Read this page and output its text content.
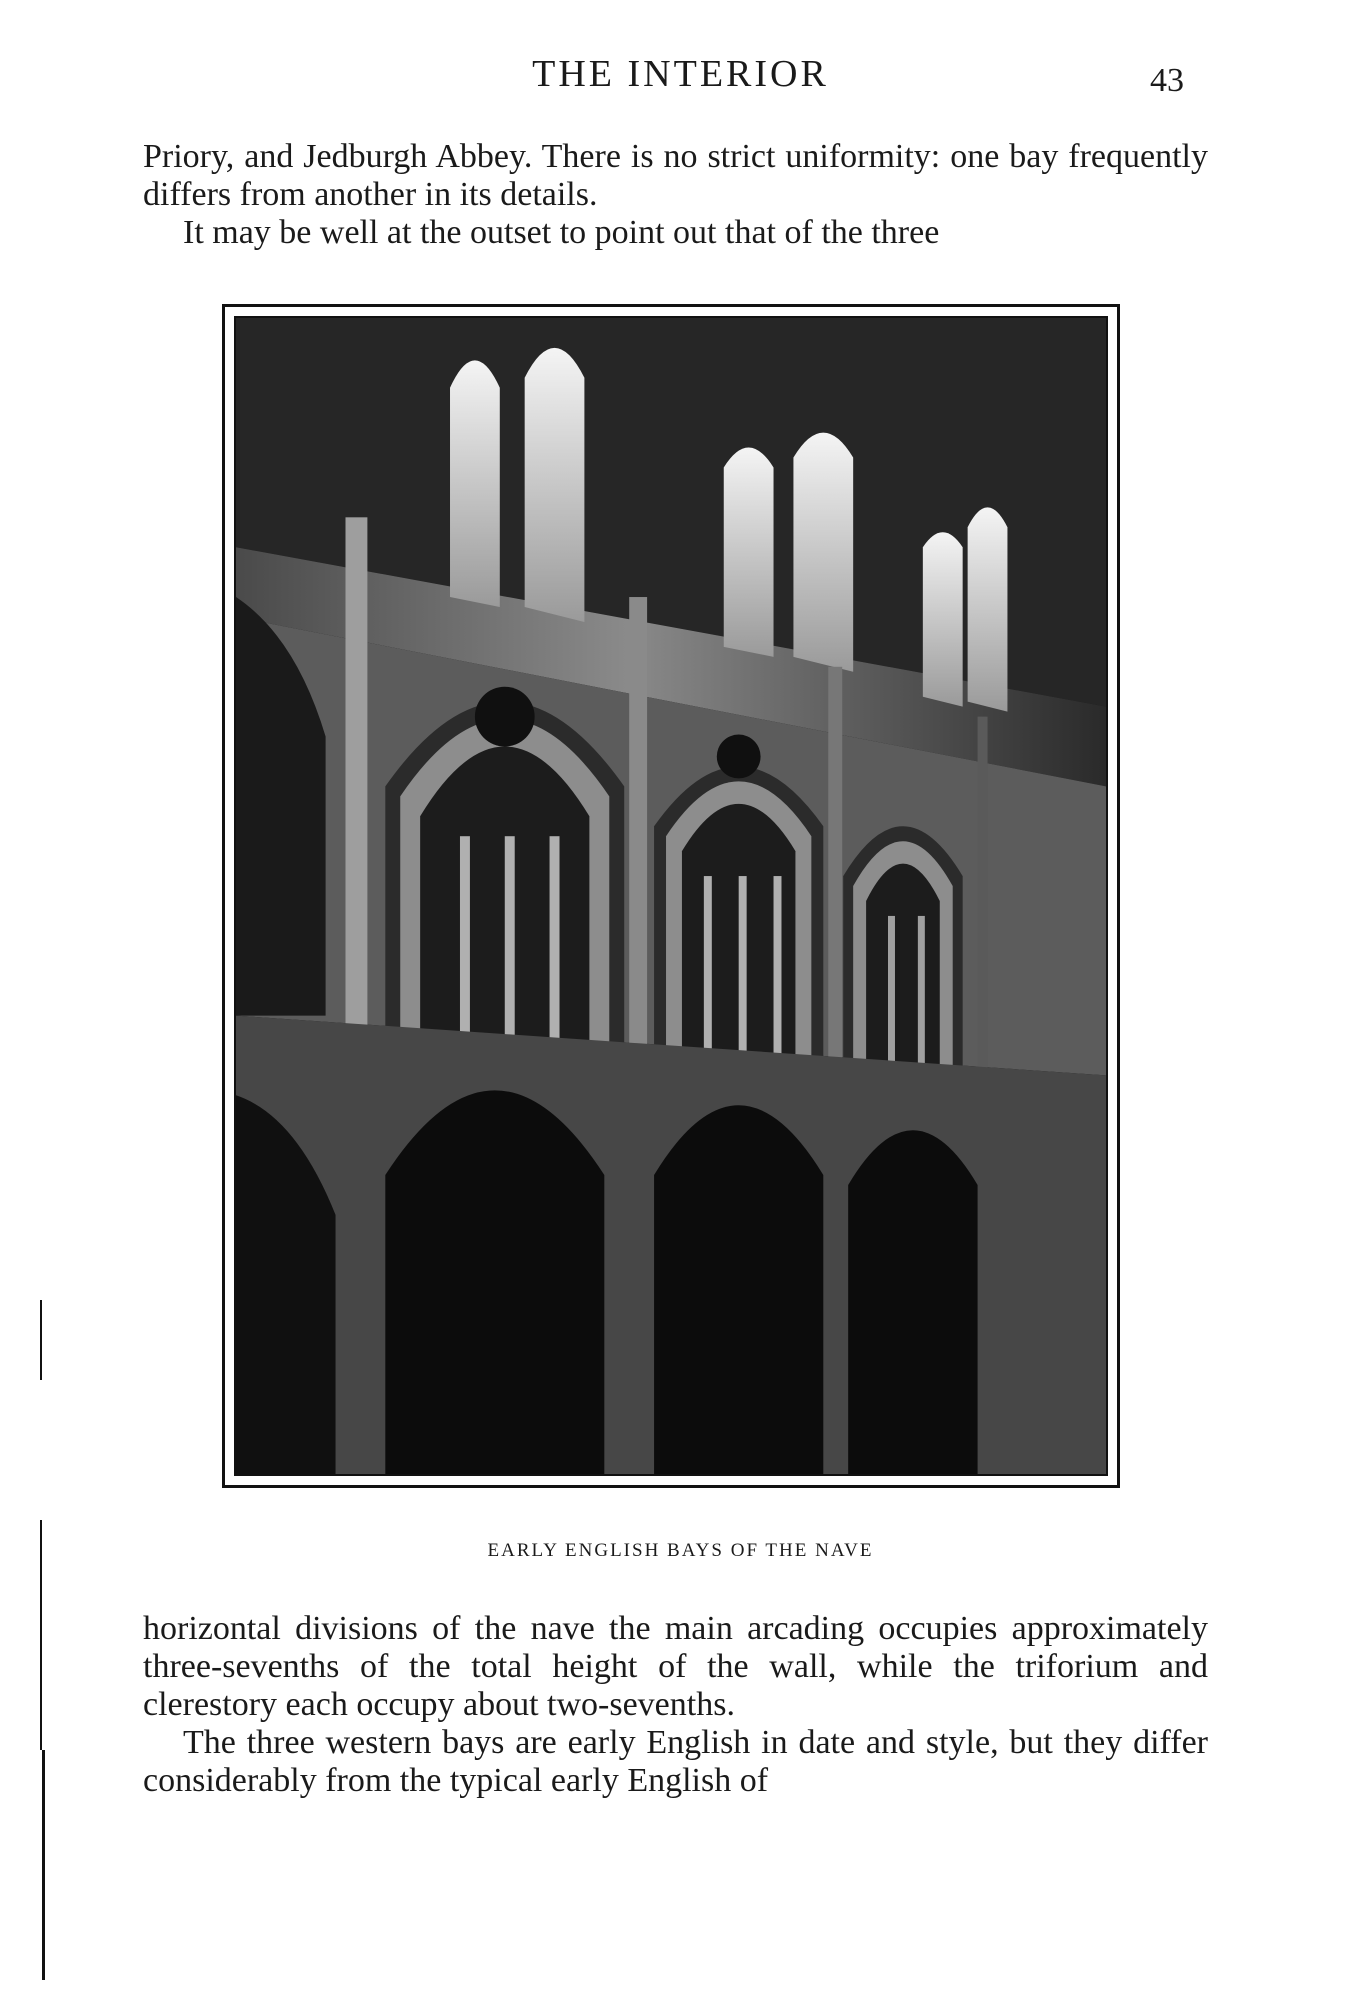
THE INTERIOR	43
Priory, and Jedburgh Abbey. There is no strict uniformity: one bay frequently differs from another in its details.
It may be well at the outset to point out that of the three
EARLY ENGLISH BAYS OF THE NAVE
horizontal divisions of the nave the main arcading occupies approximately three-sevenths of the total height of the wall, while the triforium and clerestory each occupy about two-sevenths.
The three western bays are early English in date and style, but they differ considerably from the typical early English of
